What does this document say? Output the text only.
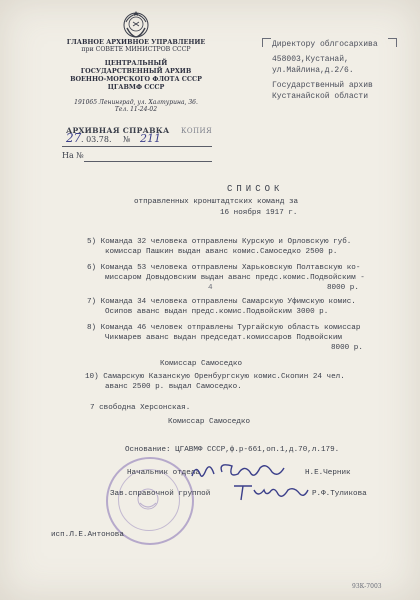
ГЛАВНОЕ АРХИВНОЕ УПРАВЛЕНИЕ
при СОВЕТЕ МИНИСТРОВ СССР
ЦЕНТРАЛЬНЫЙ
ГОСУДАРСТВЕННЫЙ АРХИВ
ВОЕННО-МОРСКОГО ФЛОТА СССР
ЦГАВМФ СССР
191065 Ленинград, ул. Халтурина, 36.
Тел. 11-24-02
АРХИВНАЯ СПРАВКА КОПИЯ
27 . 03.78. № 211
На №
Директору облгосархива
458003,Кустанай,
ул.Майлина,д.2/6.
Государственный архив
Кустанайской области
СПИСОК
отправленных кронштадтских команд за
16 ноября 1917 г.
5) Команда 32 человека отправлены Курскую и Орловскую губ.
комиссар Пашкин выдан аванс комис.Самоседко 2500 р.
6) Команда 53 человека отправлены Харьковскую Полтавскую ко-
миссаром Довыдовским выдан аванс предс.комис.Подвойским -
8000 р.
4
7) Команда 34 человека отправлены Самарскую Уфимскую комис.
Осипов аванс выдан предс.комис.Подвойским 3000 р.
8) Команда 46 человек отправлены Тургайскую область комиссар
Чикмарев аванс выдан председат.комиссаров Подвойским
8000 р.
Комиссар Самоседко
10) Самарскую Казанскую Оренбургскую комис.Скопин 24 чел.
аванс 2500 р. выдал Самоседко.
7 свободна Херсонская.
Комиссар Самоседко
Основание: ЦГАВМФ СССР,ф.р-661,оп.1,д.70,л.179.
Начальник отдела	Н.Е.Черник
Зав.справочной группой	Р.Ф.Туликова
исп.Л.Е.Антонова
93К-7003
